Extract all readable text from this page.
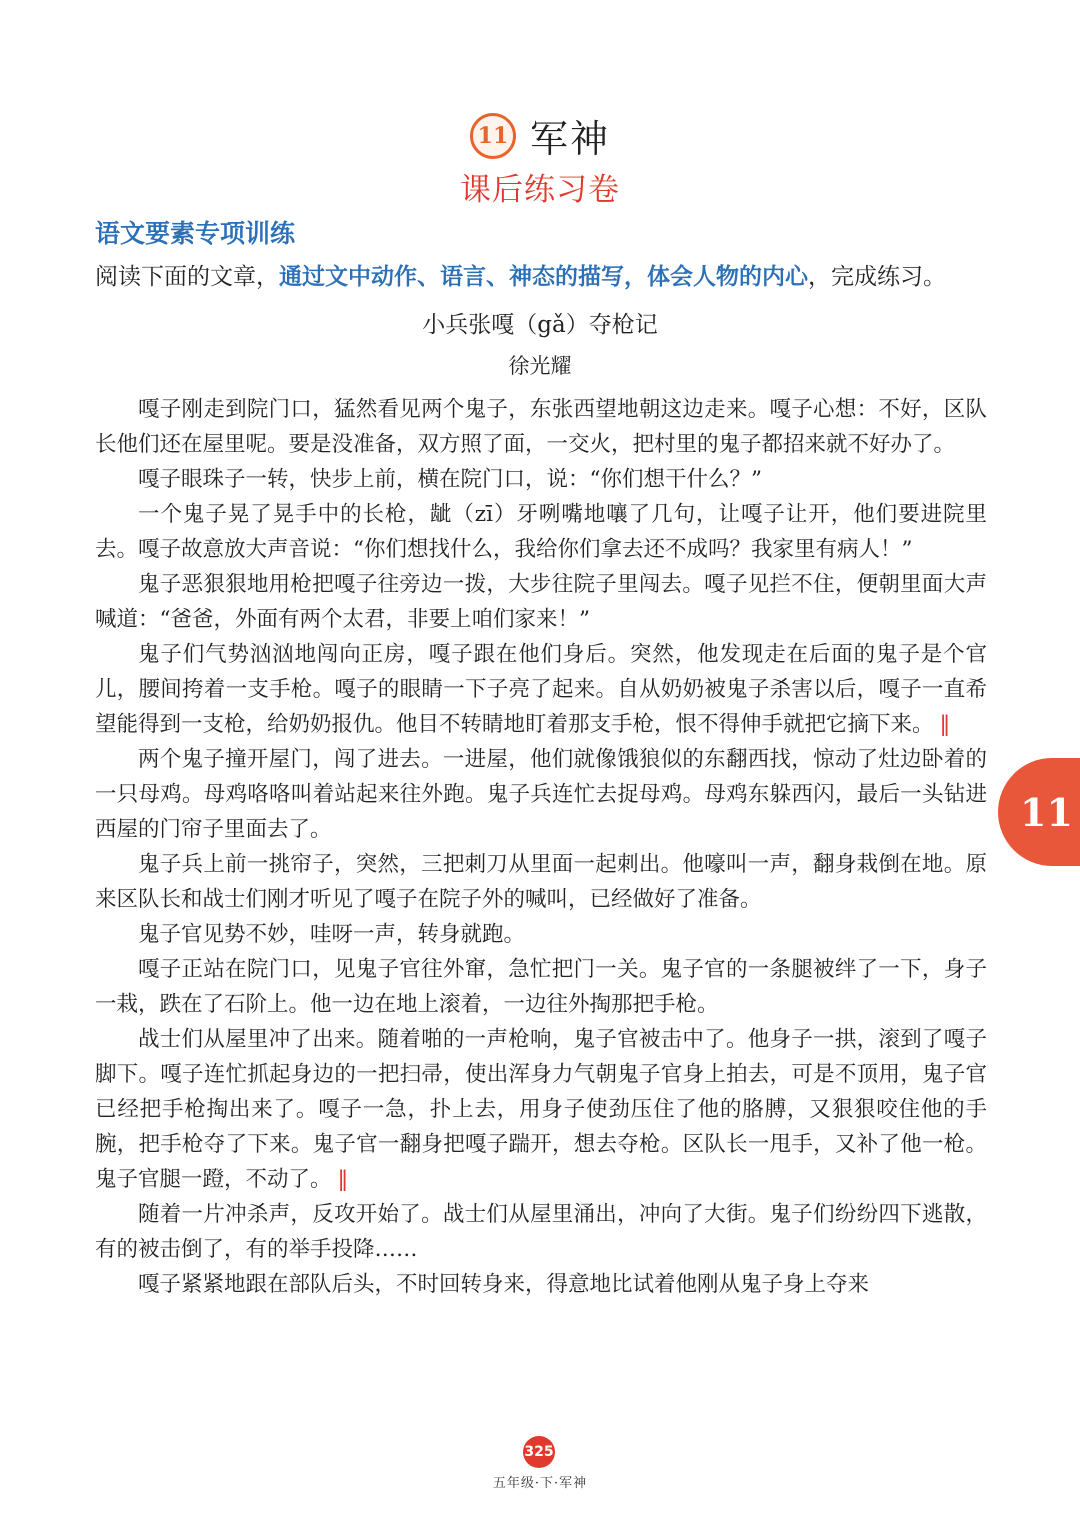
11 军神
课后练习卷
语文要素专项训练
阅读下面的文章，通过文中动作、语言、神态的描写，体会人物的内心，完成练习。
小兵张嘎（gǎ）夺枪记
徐光耀

嘎子刚走到院门口，猛然看见两个鬼子，东张西望地朝这边走来。嘎子心想：不好，区队长他们还在屋里呢。要是没准备，双方照了面，一交火，把村里的鬼子都招来就不好办了。

嘎子眼珠子一转，快步上前，横在院门口，说：“你们想干什么？”

一个鬼子晃了晃手中的长枪，龇（zī）牙咧嘴地嚷了几句，让嘎子让开，他们要进院里去。嘎子故意放大声音说：“你们想找什么，我给你们拿去还不成吗？我家里有病人！”

鬼子恶狠狠地用枪把嘎子往旁边一拨，大步往院子里闯去。嘎子见拦不住，便朝里面大声喊道：“爸爸，外面有两个太君，非要上咱们家来！”

鬼子们气势汹汹地闯向正房，嘎子跟在他们身后。突然，他发现走在后面的鬼子是个官儿，腰间挎着一支手枪。嘎子的眼睛一下子亮了起来。自从奶奶被鬼子杀害以后，嘎子一直希望能得到一支枪，给奶奶报仇。他目不转睛地盯着那支手枪，恨不得伸手就把它摘下来。 ‖

两个鬼子撞开屋门，闯了进去。一进屋，他们就像饿狼似的东翻西找，惊动了灶边卧着的一只母鸡。母鸡咯咯叫着站起来往外跑。鬼子兵连忙去捉母鸡。母鸡东躲西闪，最后一头钻进西屋的门帘子里面去了。

鬼子兵上前一挑帘子，突然，三把刺刀从里面一起刺出。他嚎叫一声，翻身栽倒在地。原来区队长和战士们刚才听见了嘎子在院子外的喊叫，已经做好了准备。

鬼子官见势不妙，哇呀一声，转身就跑。

嘎子正站在院门口，见鬼子官往外窜，急忙把门一关。鬼子官的一条腿被绊了一下，身子一栽，跌在了石阶上。他一边在地上滚着，一边往外掏那把手枪。

战士们从屋里冲了出来。随着啪的一声枪响，鬼子官被击中了。他身子一拱，滚到了嘎子脚下。嘎子连忙抓起身边的一把扫帚，使出浑身力气朝鬼子官身上拍去，可是不顶用，鬼子官已经把手枪掏出来了。嘎子一急，扑上去，用身子使劲压住了他的胳膊，又狠狠咬住他的手腕，把手枪夺了下来。鬼子官一翻身把嘎子踹开，想去夺枪。区队长一甩手，又补了他一枪。鬼子官腿一蹬，不动了。 ‖

随着一片冲杀声，反攻开始了。战士们从屋里涌出，冲向了大街。鬼子们纷纷四下逃散，有的被击倒了，有的举手投降……

嘎子紧紧地跟在部队后头，不时回转身来，得意地比试着他刚从鬼子身上夺来

11
325
五年级·下·军神
